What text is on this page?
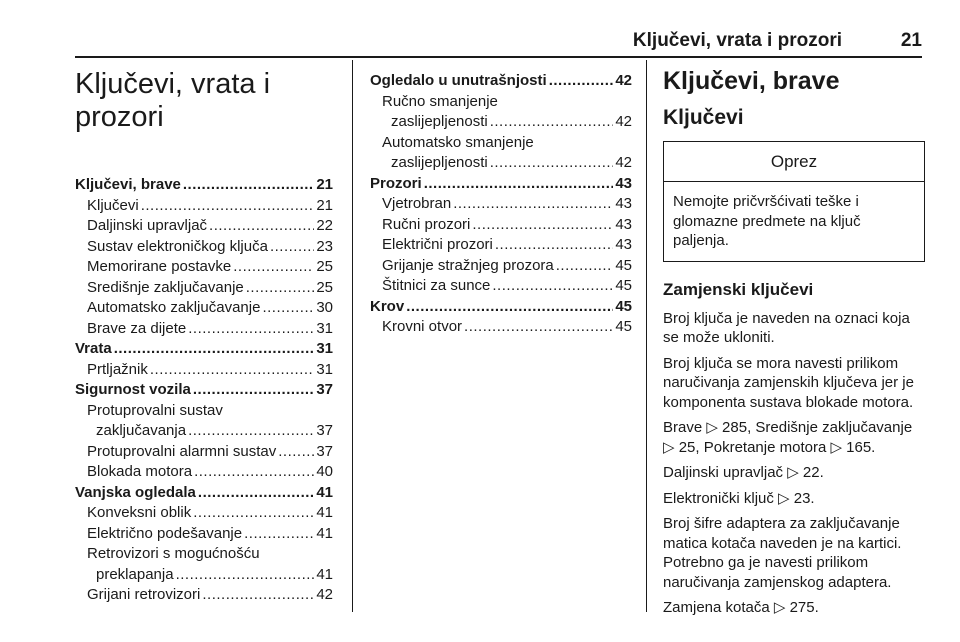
Ključevi, vrata i prozori	21
Ključevi, vrata i
prozori
Ključevi, brave .....	21
Ključevi .....	21
Daljinski upravljač .....	22
Sustav elektroničkog ključa .....	23
Memorirane postavke .....	25
Središnje zaključavanje .....	25
Automatsko zaključavanje .....	30
Brave za dijete .....	31
Vrata .....	31
Prtljažnik .....	31
Sigurnost vozila .....	37
Protuprovalni sustav
zaključavanja .....	37
Protuprovalni alarmni sustav .....	37
Blokada motora .....	40
Vanjska ogledala .....	41
Konveksni oblik .....	41
Električno podešavanje .....	41
Retrovizori s mogućnošću
preklapanja .....	41
Grijani retrovizori .....	42
Ogledalo u unutrašnjosti .....	42
Ručno smanjenje
zaslijepljenosti .....	42
Automatsko smanjenje
zaslijepljenosti .....	42
Prozori .....	43
Vjetrobran .....	43
Ručni prozori .....	43
Električni prozori .....	43
Grijanje stražnjeg prozora .....	45
Štitnici za sunce .....	45
Krov .....	45
Krovni otvor .....	45
Ključevi, brave
Ključevi
Oprez
Nemojte pričvršćivati teške i glomazne predmete na ključ paljenja.
Zamjenski ključevi
Broj ključa je naveden na oznaci koja se može ukloniti.
Broj ključa se mora navesti prilikom naručivanja zamjenskih ključeva jer je komponenta sustava blokade motora.
Brave ▷ 285, Središnje zaključavanje ▷ 25, Pokretanje motora ▷ 165.
Daljinski upravljač ▷ 22.
Elektronički ključ ▷ 23.
Broj šifre adaptera za zaključavanje matica kotača naveden je na kartici. Potrebno ga je navesti prilikom naručivanja zamjenskog adaptera.
Zamjena kotača ▷ 275.
